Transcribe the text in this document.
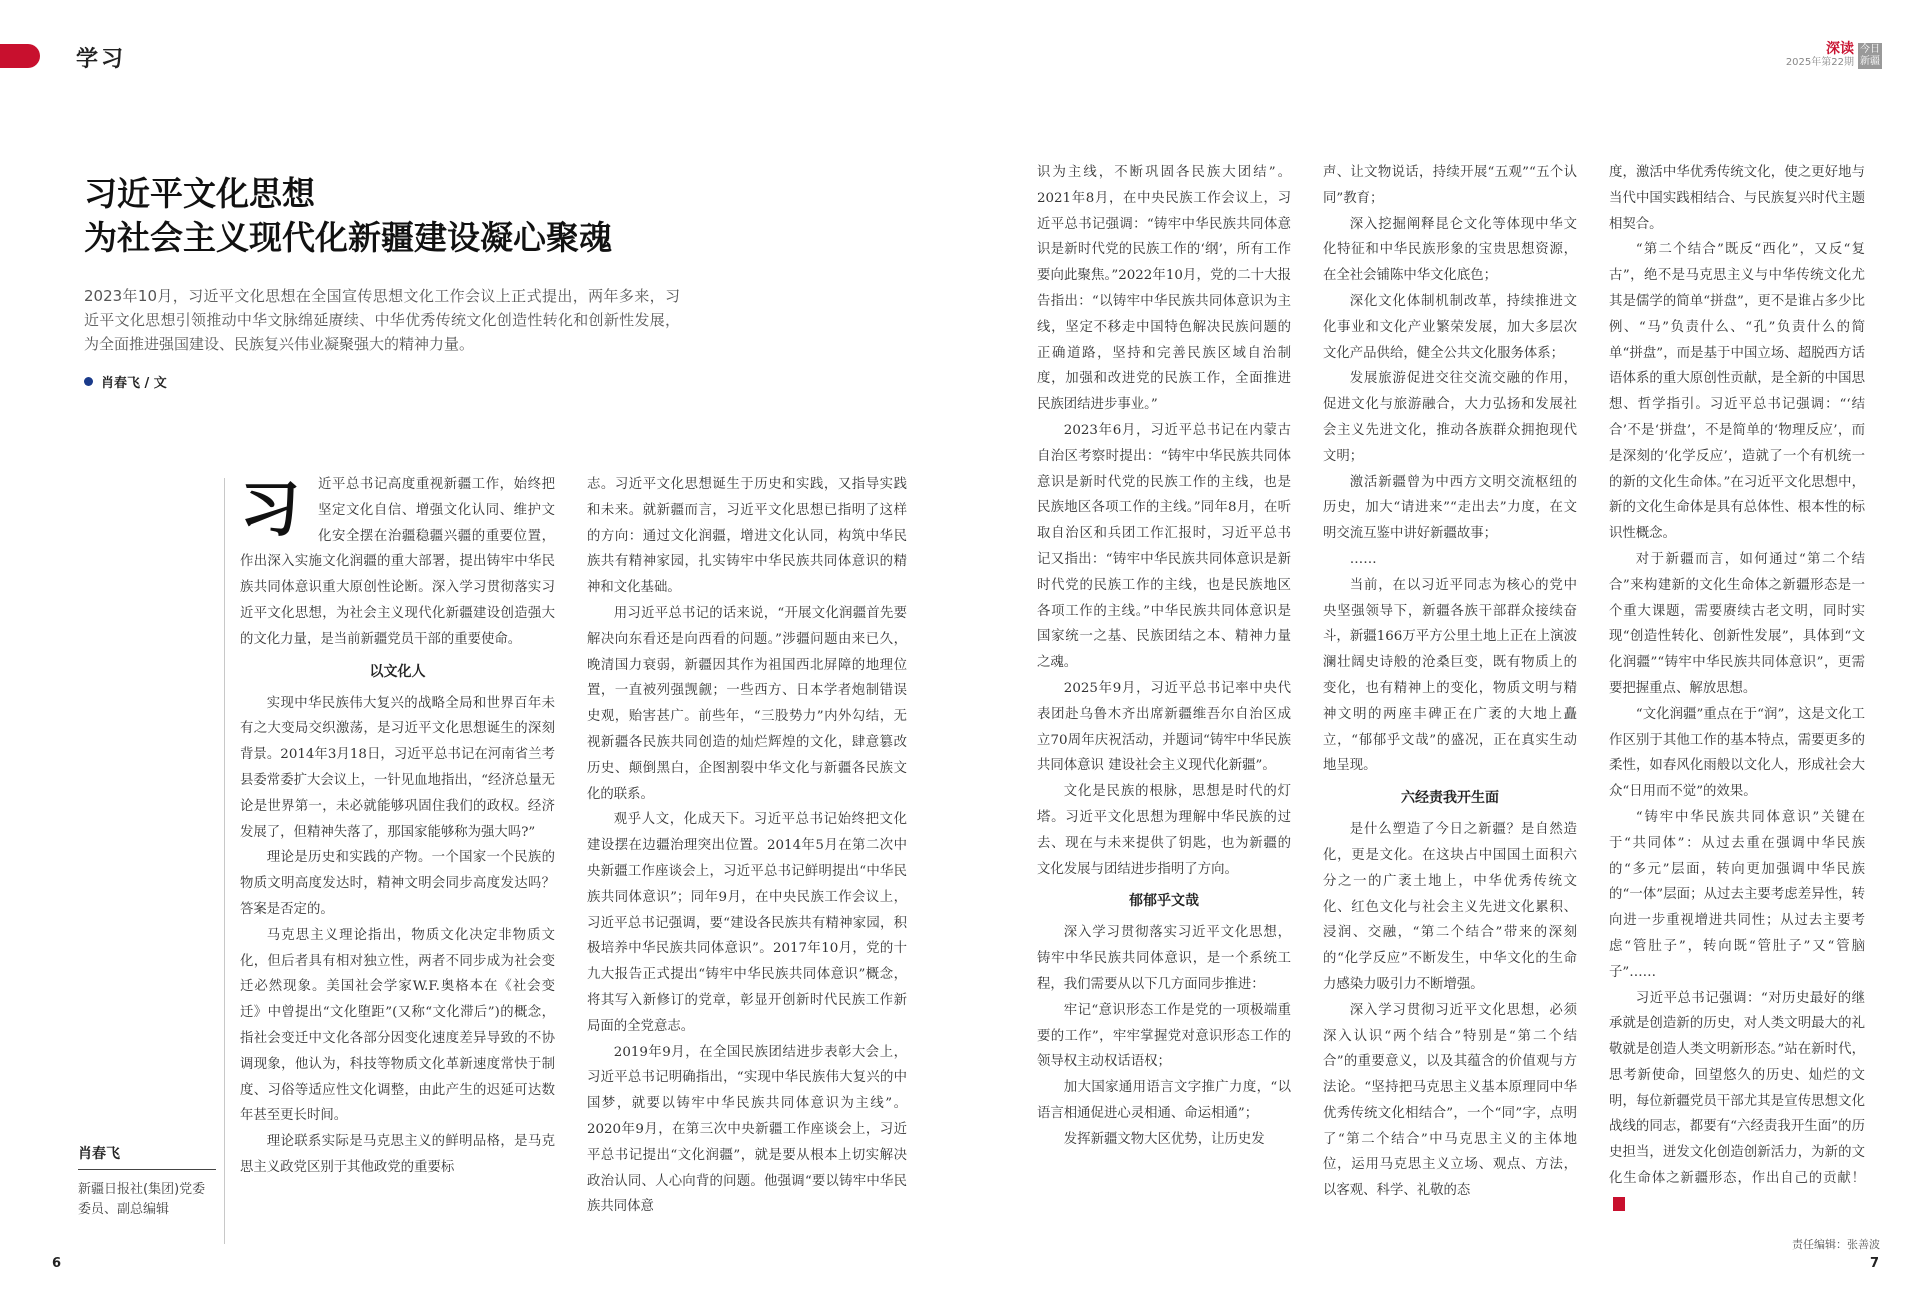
学习	深读
2025年第22期
今日新疆
习近平文化思想
为社会主义现代化新疆建设凝心聚魂
2023年10月，习近平文化思想在全国宣传思想文化工作会议上正式提出，两年多来，习近平文化思想引领推动中华文脉绵延赓续、中华优秀传统文化创造性转化和创新性发展，为全面推进强国建设、民族复兴伟业凝聚强大的精神力量。
肖春飞 / 文
肖春飞
新疆日报社(集团)党委委员、副总编辑
习	近平总书记高度重视新疆工作，始终把坚定文化自信、增强文化认同、维护文化安全摆在治疆稳疆兴疆的重要位置，作出深入实施文化润疆的重大部署，提出铸牢中华民族共同体意识重大原创性论断。深入学习贯彻落实习近平文化思想，为社会主义现代化新疆建设创造强大的文化力量，是当前新疆党员干部的重要使命。

以文化人

实现中华民族伟大复兴的战略全局和世界百年未有之大变局交织激荡，是习近平文化思想诞生的深刻背景。2014年3月18日，习近平总书记在河南省兰考县委常委扩大会议上，一针见血地指出，“经济总量无论是世界第一，未必就能够巩固住我们的政权。经济发展了，但精神失落了，那国家能够称为强大吗?”

理论是历史和实践的产物。一个国家一个民族的物质文明高度发达时，精神文明会同步高度发达吗？答案是否定的。

马克思主义理论指出，物质文化决定非物质文化，但后者具有相对独立性，两者不同步成为社会变迁必然现象。美国社会学家W.F.奥格本在《社会变迁》中曾提出“文化堕距”(又称“文化滞后”)的概念，指社会变迁中文化各部分因变化速度差异导致的不协调现象，他认为，科技等物质文化革新速度常快于制度、习俗等适应性文化调整，由此产生的迟延可达数年甚至更长时间。

理论联系实际是马克思主义的鲜明品格，是马克思主义政党区别于其他政党的重要标

志。习近平文化思想诞生于历史和实践，又指导实践和未来。就新疆而言，习近平文化思想已指明了这样的方向：通过文化润疆，增进文化认同，构筑中华民族共有精神家园，扎实铸牢中华民族共同体意识的精神和文化基础。

用习近平总书记的话来说，“开展文化润疆首先要解决向东看还是向西看的问题。”涉疆问题由来已久，晚清国力衰弱，新疆因其作为祖国西北屏障的地理位置，一直被列强觊觎；一些西方、日本学者炮制错误史观，贻害甚广。前些年，“三股势力”内外勾结，无视新疆各民族共同创造的灿烂辉煌的文化，肆意篡改历史、颠倒黑白，企图割裂中华文化与新疆各民族文化的联系。

观乎人文，化成天下。习近平总书记始终把文化建设摆在边疆治理突出位置。2014年5月在第二次中央新疆工作座谈会上，习近平总书记鲜明提出“中华民族共同体意识”；同年9月，在中央民族工作会议上，习近平总书记强调，要“建设各民族共有精神家园，积极培养中华民族共同体意识”。2017年10月，党的十九大报告正式提出“铸牢中华民族共同体意识”概念，将其写入新修订的党章，彰显开创新时代民族工作新局面的全党意志。

2019年9月，在全国民族团结进步表彰大会上，习近平总书记明确指出，“实现中华民族伟大复兴的中国梦，就要以铸牢中华民族共同体意识为主线”。2020年9月，在第三次中央新疆工作座谈会上，习近平总书记提出“文化润疆”，就是要从根本上切实解决政治认同、人心向背的问题。他强调“要以铸牢中华民族共同体意

识为主线，不断巩固各民族大团结”。2021年8月，在中央民族工作会议上，习近平总书记强调：“铸牢中华民族共同体意识是新时代党的民族工作的‘纲’，所有工作要向此聚焦。”2022年10月，党的二十大报告指出：“以铸牢中华民族共同体意识为主线，坚定不移走中国特色解决民族问题的正确道路，坚持和完善民族区域自治制度，加强和改进党的民族工作，全面推进民族团结进步事业。”

2023年6月，习近平总书记在内蒙古自治区考察时提出：“铸牢中华民族共同体意识是新时代党的民族工作的主线，也是民族地区各项工作的主线。”同年8月，在听取自治区和兵团工作汇报时，习近平总书记又指出：“铸牢中华民族共同体意识是新时代党的民族工作的主线，也是民族地区各项工作的主线。”中华民族共同体意识是国家统一之基、民族团结之本、精神力量之魂。

2025年9月，习近平总书记率中央代表团赴乌鲁木齐出席新疆维吾尔自治区成立70周年庆祝活动，并题词“铸牢中华民族共同体意识 建设社会主义现代化新疆”。

文化是民族的根脉，思想是时代的灯塔。习近平文化思想为理解中华民族的过去、现在与未来提供了钥匙，也为新疆的文化发展与团结进步指明了方向。

郁郁乎文哉

深入学习贯彻落实习近平文化思想，铸牢中华民族共同体意识，是一个系统工程，我们需要从以下几方面同步推进：

牢记“意识形态工作是党的一项极端重要的工作”，牢牢掌握党对意识形态工作的领导权主动权话语权；

加大国家通用语言文字推广力度，“以语言相通促进心灵相通、命运相通”；

发挥新疆文物大区优势，让历史发

声、让文物说话，持续开展“五观”“五个认同”教育；

深入挖掘阐释昆仑文化等体现中华文化特征和中华民族形象的宝贵思想资源，在全社会铺陈中华文化底色；

深化文化体制机制改革，持续推进文化事业和文化产业繁荣发展，加大多层次文化产品供给，健全公共文化服务体系；

发展旅游促进交往交流交融的作用，促进文化与旅游融合，大力弘扬和发展社会主义先进文化，推动各族群众拥抱现代文明；

激活新疆曾为中西方文明交流枢纽的历史，加大“请进来”“走出去”力度，在文明交流互鉴中讲好新疆故事；

……

当前，在以习近平同志为核心的党中央坚强领导下，新疆各族干部群众接续奋斗，新疆166万平方公里土地上正在上演波澜壮阔史诗般的沧桑巨变，既有物质上的变化，也有精神上的变化，物质文明与精神文明的两座丰碑正在广袤的大地上矗立，“郁郁乎文哉”的盛况，正在真实生动地呈现。

六经责我开生面

是什么塑造了今日之新疆？是自然造化，更是文化。在这块占中国国土面积六分之一的广袤土地上，中华优秀传统文化、红色文化与社会主义先进文化累积、浸润、交融，“第二个结合”带来的深刻的“化学反应”不断发生，中华文化的生命力感染力吸引力不断增强。

深入学习贯彻习近平文化思想，必须深入认识“两个结合”特别是“第二个结合”的重要意义，以及其蕴含的价值观与方法论。“坚持把马克思主义基本原理同中华优秀传统文化相结合”，一个“同”字，点明了“第二个结合”中马克思主义的主体地位，运用马克思主义立场、观点、方法，以客观、科学、礼敬的态

度，激活中华优秀传统文化，使之更好地与当代中国实践相结合、与民族复兴时代主题相契合。

“第二个结合”既反“西化”，又反“复古”，绝不是马克思主义与中华传统文化尤其是儒学的简单“拼盘”，更不是谁占多少比例、“马”负责什么、“孔”负责什么的简单“拼盘”，而是基于中国立场、超脱西方话语体系的重大原创性贡献，是全新的中国思想、哲学指引。习近平总书记强调：“‘结合’不是‘拼盘’，不是简单的‘物理反应’，而是深刻的‘化学反应’，造就了一个有机统一的新的文化生命体。”在习近平文化思想中，新的文化生命体是具有总体性、根本性的标识性概念。

对于新疆而言，如何通过“第二个结合”来构建新的文化生命体之新疆形态是一个重大课题，需要赓续古老文明，同时实现“创造性转化、创新性发展”，具体到“文化润疆”“铸牢中华民族共同体意识”，更需要把握重点、解放思想。

“文化润疆”重点在于“润”，这是文化工作区别于其他工作的基本特点，需要更多的柔性，如春风化雨般以文化人，形成社会大众“日用而不觉”的效果。

“铸牢中华民族共同体意识”关键在于“共同体”：从过去重在强调中华民族的“多元”层面，转向更加强调中华民族的“一体”层面；从过去主要考虑差异性，转向进一步重视增进共同性；从过去主要考虑“管肚子”，转向既“管肚子”又“管脑子”……

习近平总书记强调：“对历史最好的继承就是创造新的历史，对人类文明最大的礼敬就是创造人类文明新形态。”站在新时代，思考新使命，回望悠久的历史、灿烂的文明，每位新疆党员干部尤其是宣传思想文化战线的同志，都要有“六经责我开生面”的历史担当，迸发文化创造创新活力，为新的文化生命体之新疆形态，作出自己的贡献！

6
责任编辑：张善波
7
